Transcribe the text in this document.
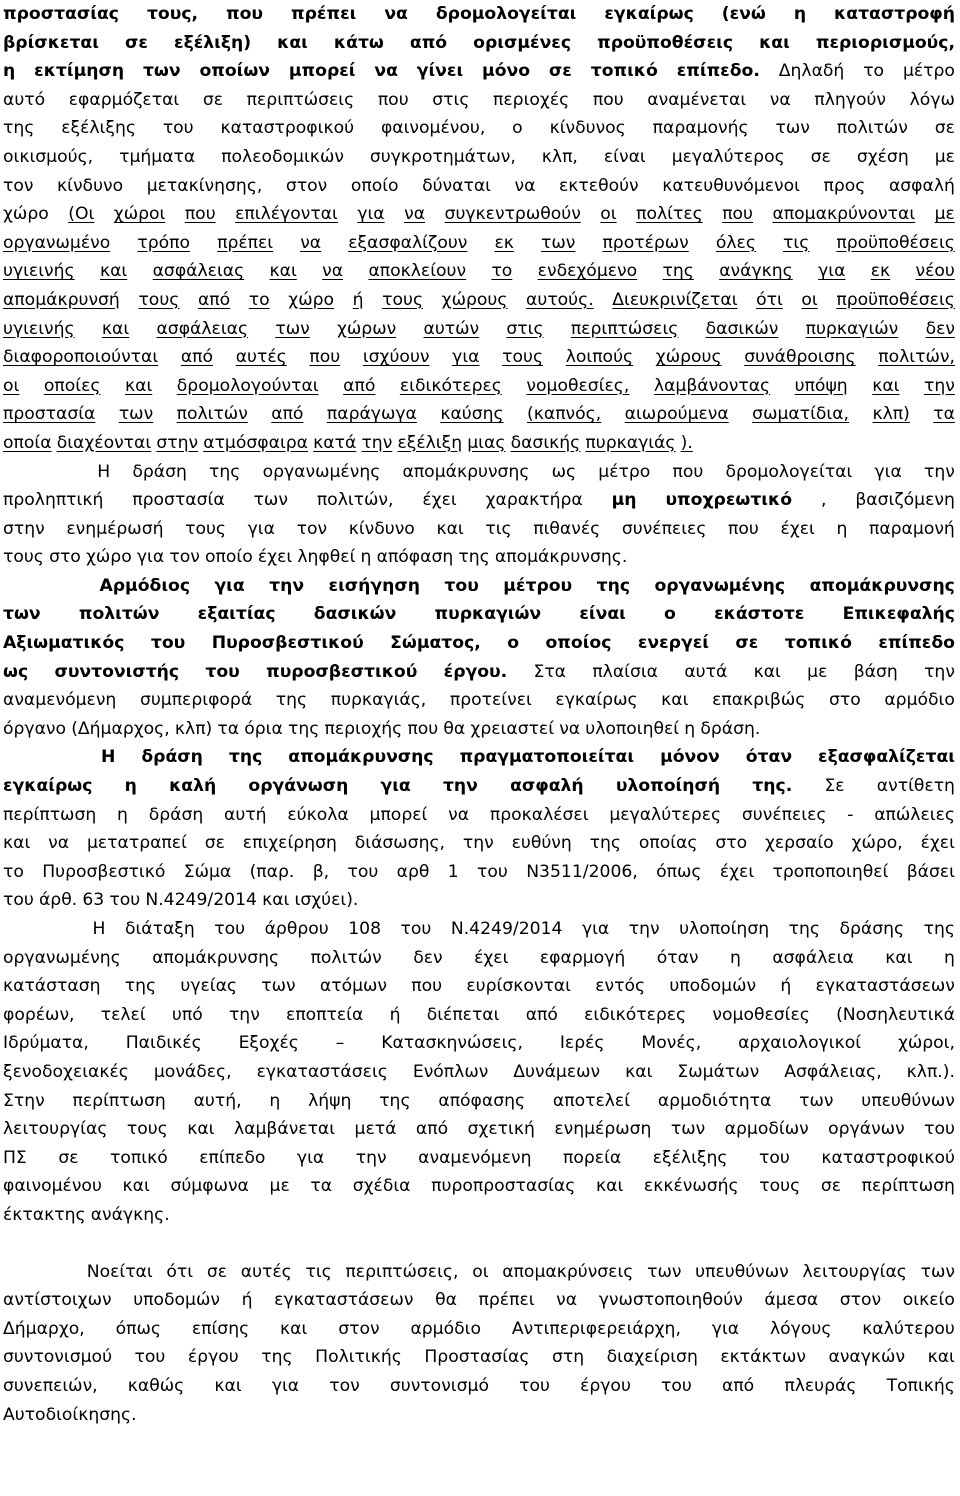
προστασίας τους, που πρέπει να δρομολογείται εγκαίρως (ενώ η καταστροφή
βρίσκεται σε εξέλιξη) και κάτω από ορισμένες προϋποθέσεις και περιορισμούς,
η εκτίμηση των οποίων μπορεί να γίνει μόνο σε τοπικό επίπεδο. Δηλαδή το μέτρο
αυτό εφαρμόζεται σε περιπτώσεις που στις περιοχές που αναμένεται να πληγούν λόγω
της εξέλιξης του καταστροφικού φαινομένου, ο κίνδυνος παραμονής των πολιτών σε
οικισμούς, τμήματα πολεοδομικών συγκροτημάτων, κλπ, είναι μεγαλύτερος σε σχέση με
τον κίνδυνο μετακίνησης, στον οποίο δύναται να εκτεθούν κατευθυνόμενοι προς ασφαλή
χώρο (Οι χώροι που επιλέγονται για να συγκεντρωθούν οι πολίτες που απομακρύνονται με
οργανωμένο τρόπο πρέπει να εξασφαλίζουν εκ των προτέρων όλες τις προϋποθέσεις
υγιεινής και ασφάλειας και να αποκλείουν το ενδεχόμενο της ανάγκης για εκ νέου
απομάκρυνσή τους από το χώρο ή τους χώρους αυτούς. Διευκρινίζεται ότι οι προϋποθέσεις
υγιεινής και ασφάλειας των χώρων αυτών στις περιπτώσεις δασικών πυρκαγιών δεν
διαφοροποιούνται από αυτές που ισχύουν για τους λοιπούς χώρους συνάθροισης πολιτών,
οι οποίες και δρομολογούνται από ειδικότερες νομοθεσίες, λαμβάνοντας υπόψη και την
προστασία των πολιτών από παράγωγα καύσης (καπνός, αιωρούμενα σωματίδια, κλπ) τα
οποία διαχέονται στην ατμόσφαιρα κατά την εξέλιξη μιας δασικής πυρκαγιάς ).
Η δράση της οργανωμένης απομάκρυνσης ως μέτρο που δρομολογείται για την
προληπτική προστασία των πολιτών, έχει χαρακτήρα μη υποχρεωτικό , βασιζόμενη
στην ενημέρωσή τους για τον κίνδυνο και τις πιθανές συνέπειες που έχει η παραμονή
τους στο χώρο για τον οποίο έχει ληφθεί η απόφαση της απομάκρυνσης.
Αρμόδιος για την εισήγηση του μέτρου της οργανωμένης απομάκρυνσης
των πολιτών εξαιτίας δασικών πυρκαγιών είναι ο εκάστοτε Επικεφαλής
Αξιωματικός του Πυροσβεστικού Σώματος, ο οποίος ενεργεί σε τοπικό επίπεδο
ως συντονιστής του πυροσβεστικού έργου. Στα πλαίσια αυτά και με βάση την
αναμενόμενη συμπεριφορά της πυρκαγιάς, προτείνει εγκαίρως και επακριβώς στο αρμόδιο
όργανο (Δήμαρχος, κλπ) τα όρια της περιοχής που θα χρειαστεί να υλοποιηθεί η δράση.
Η δράση της απομάκρυνσης πραγματοποιείται μόνον όταν εξασφαλίζεται
εγκαίρως η καλή οργάνωση για την ασφαλή υλοποίησή της. Σε αντίθετη
περίπτωση η δράση αυτή εύκολα μπορεί να προκαλέσει μεγαλύτερες συνέπειες - απώλειες
και να μετατραπεί σε επιχείρηση διάσωσης, την ευθύνη της οποίας στο χερσαίο χώρο, έχει
το Πυροσβεστικό Σώμα (παρ. β, του αρθ 1 του Ν3511/2006, όπως έχει τροποποιηθεί βάσει
του άρθ. 63 του Ν.4249/2014 και ισχύει).
Η διάταξη του άρθρου 108 του Ν.4249/2014 για την υλοποίηση της δράσης της
οργανωμένης απομάκρυνσης πολιτών δεν έχει εφαρμογή όταν η ασφάλεια και η
κατάσταση της υγείας των ατόμων που ευρίσκονται εντός υποδομών ή εγκαταστάσεων
φορέων, τελεί υπό την εποπτεία ή διέπεται από ειδικότερες νομοθεσίες (Νοσηλευτικά
Ιδρύματα, Παιδικές Εξοχές – Κατασκηνώσεις, Ιερές Μονές, αρχαιολογικοί χώροι,
ξενοδοχειακές μονάδες, εγκαταστάσεις Ενόπλων Δυνάμεων και Σωμάτων Ασφάλειας, κλπ.).
Στην περίπτωση αυτή, η λήψη της απόφασης αποτελεί αρμοδιότητα των υπευθύνων
λειτουργίας τους και λαμβάνεται μετά από σχετική ενημέρωση των αρμοδίων οργάνων του
ΠΣ σε τοπικό επίπεδο για την αναμενόμενη πορεία εξέλιξης του καταστροφικού
φαινομένου και σύμφωνα με τα σχέδια πυροπροστασίας και εκκένωσής τους σε περίπτωση
έκτακτης ανάγκης.
Νοείται ότι σε αυτές τις περιπτώσεις, οι απομακρύνσεις των υπευθύνων λειτουργίας των
αντίστοιχων υποδομών ή εγκαταστάσεων θα πρέπει να γνωστοποιηθούν άμεσα στον οικείο
Δήμαρχο, όπως επίσης και στον αρμόδιο Αντιπεριφερειάρχη, για λόγους καλύτερου
συντονισμού του έργου της Πολιτικής Προστασίας στη διαχείριση εκτάκτων αναγκών και
συνεπειών, καθώς και για τον συντονισμό του έργου του από πλευράς Τοπικής
Αυτοδιοίκησης.
